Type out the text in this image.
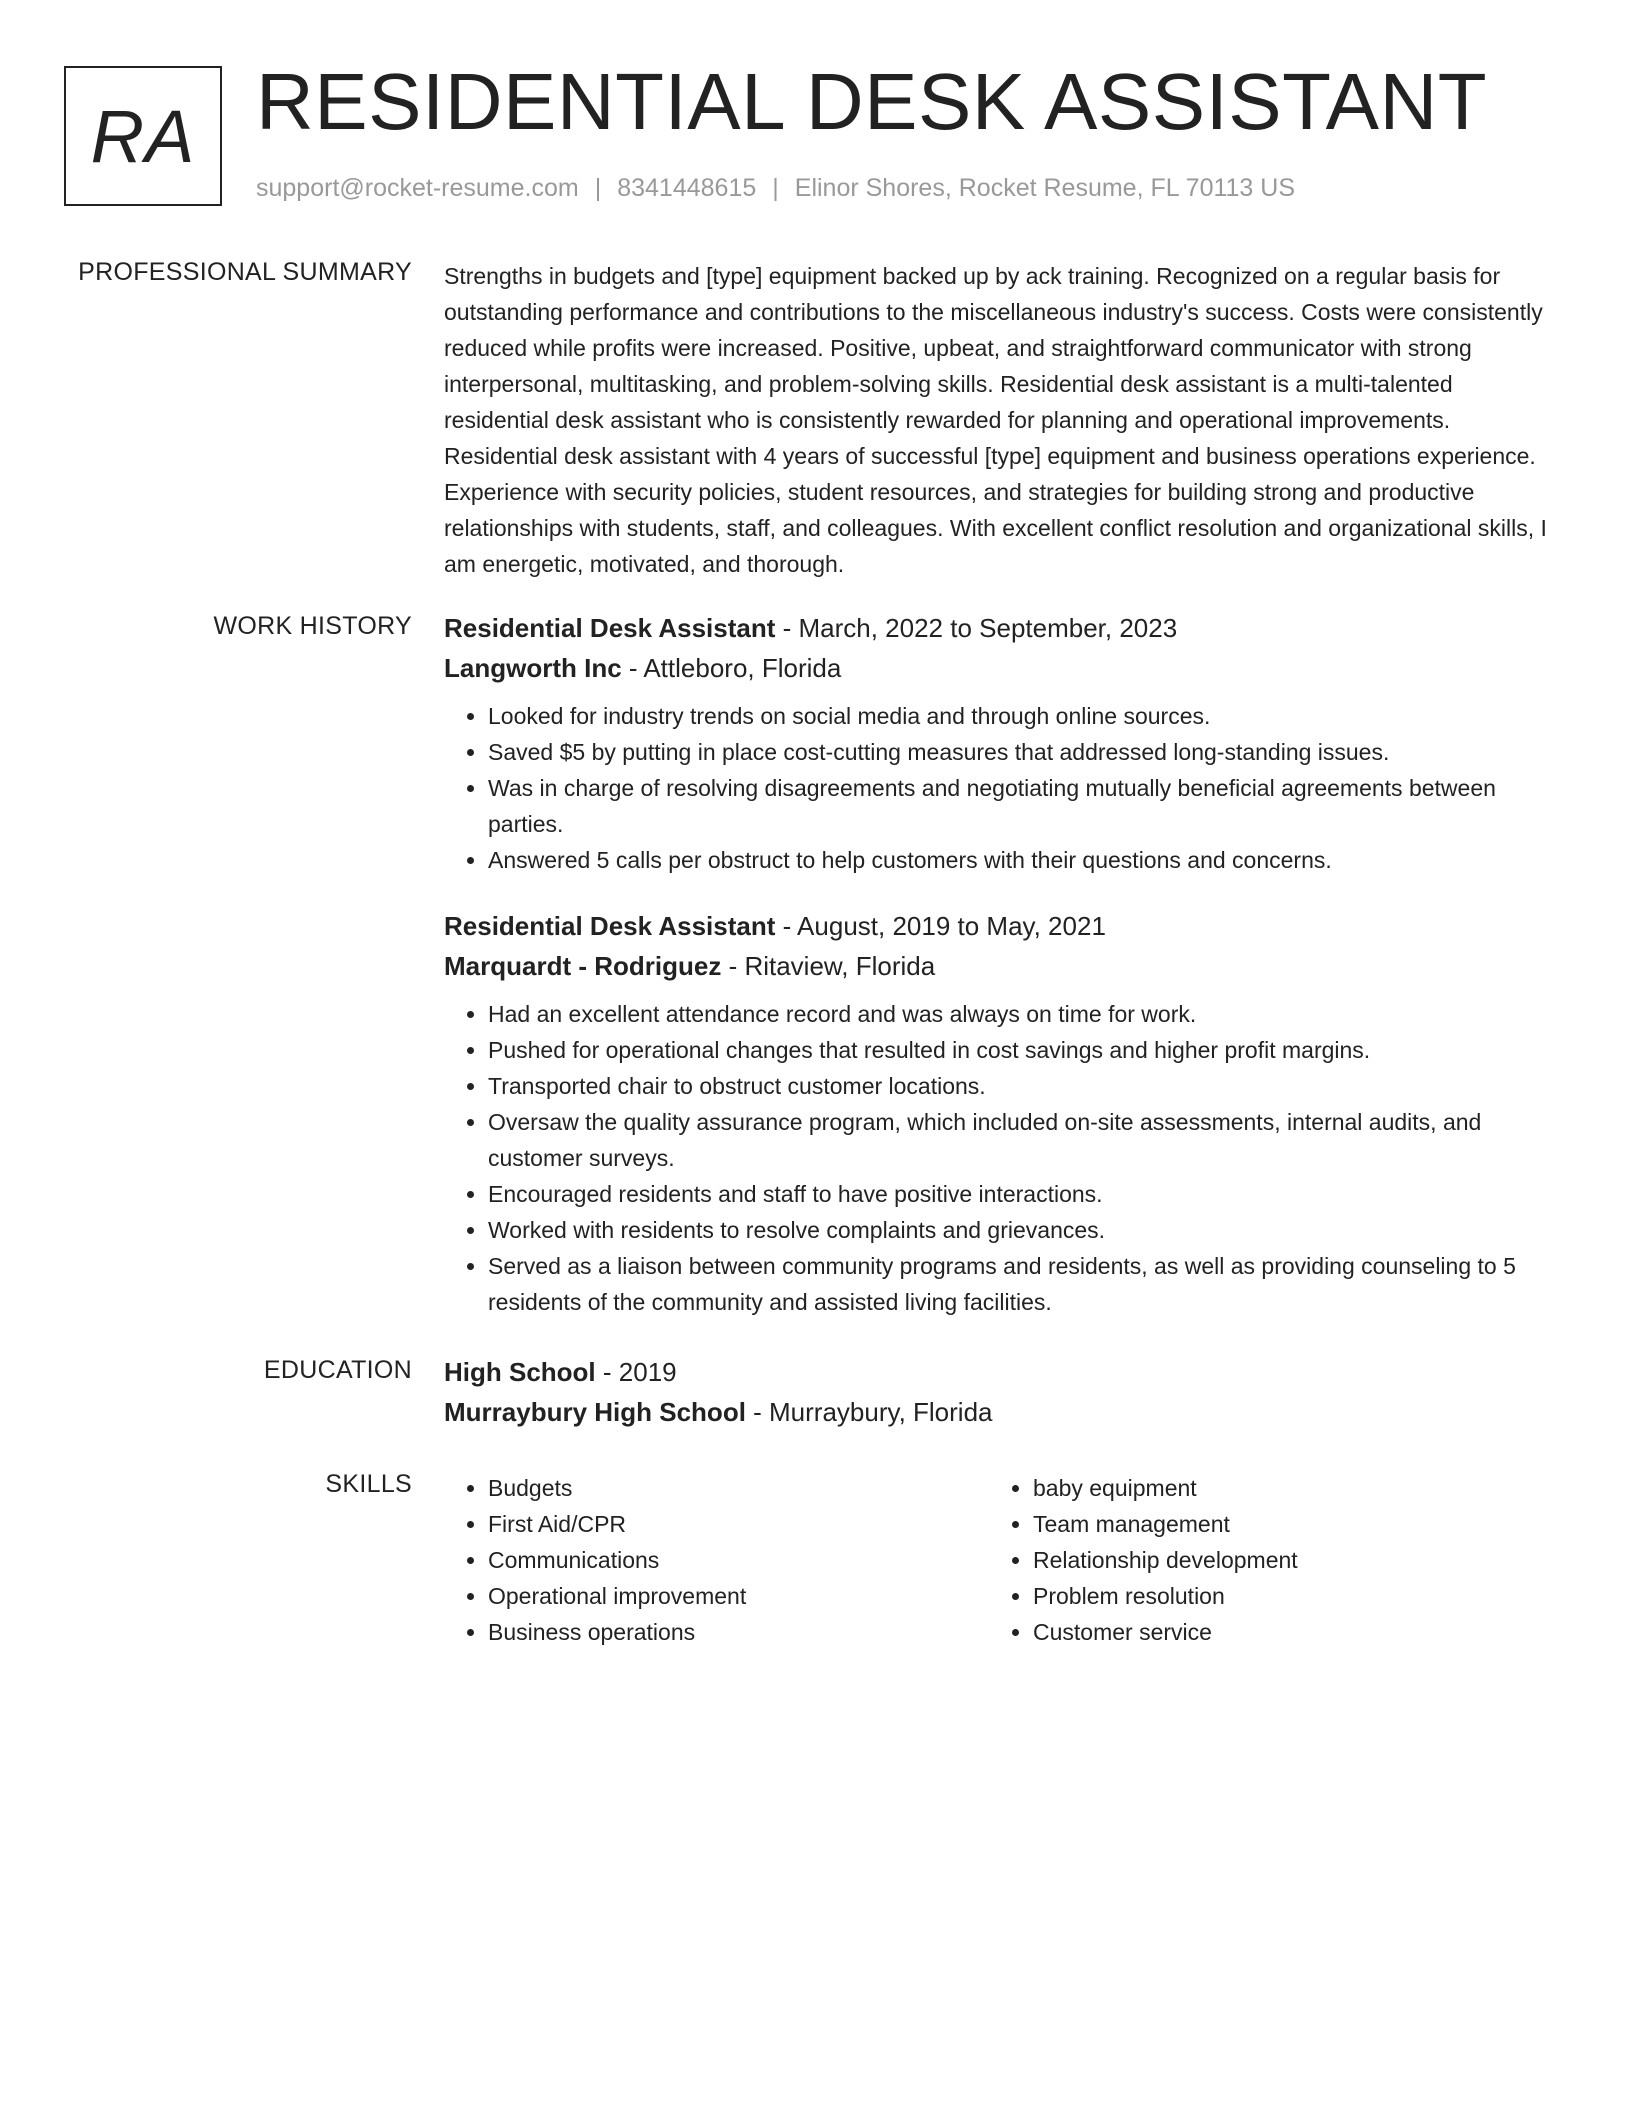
RA RESIDENTIAL DESK ASSISTANT
support@rocket-resume.com | 8341448615 | Elinor Shores, Rocket Resume, FL 70113 US
PROFESSIONAL SUMMARY Strengths in budgets and [type] equipment backed up by ack training. Recognized on a regular basis for outstanding performance and contributions to the miscellaneous industry's success. Costs were consistently reduced while profits were increased. Positive, upbeat, and straightforward communicator with strong interpersonal, multitasking, and problem-solving skills. Residential desk assistant is a multi-talented residential desk assistant who is consistently rewarded for planning and operational improvements. Residential desk assistant with 4 years of successful [type] equipment and business operations experience. Experience with security policies, student resources, and strategies for building strong and productive relationships with students, staff, and colleagues. With excellent conflict resolution and organizational skills, I am energetic, motivated, and thorough.

WORK HISTORY Residential Desk Assistant - March, 2022 to September, 2023
Langworth Inc - Attleboro, Florida
• Looked for industry trends on social media and through online sources.
• Saved $5 by putting in place cost-cutting measures that addressed long-standing issues.
• Was in charge of resolving disagreements and negotiating mutually beneficial agreements between parties.
• Answered 5 calls per obstruct to help customers with their questions and concerns.
Residential Desk Assistant - August, 2019 to May, 2021
Marquardt - Rodriguez - Ritaview, Florida
• Had an excellent attendance record and was always on time for work.
• Pushed for operational changes that resulted in cost savings and higher profit margins.
• Transported chair to obstruct customer locations.
• Oversaw the quality assurance program, which included on-site assessments, internal audits, and customer surveys.
• Encouraged residents and staff to have positive interactions.
• Worked with residents to resolve complaints and grievances.
• Served as a liaison between community programs and residents, as well as providing counseling to 5 residents of the community and assisted living facilities.
EDUCATION High School - 2019
Murraybury High School - Murraybury, Florida
SKILLS
•	Budgets
• First Aid/CPR
• Communications
• Operational improvement
• Business operations
• baby equipment
• Team management
• Relationship development
• Problem resolution
• Customer service
